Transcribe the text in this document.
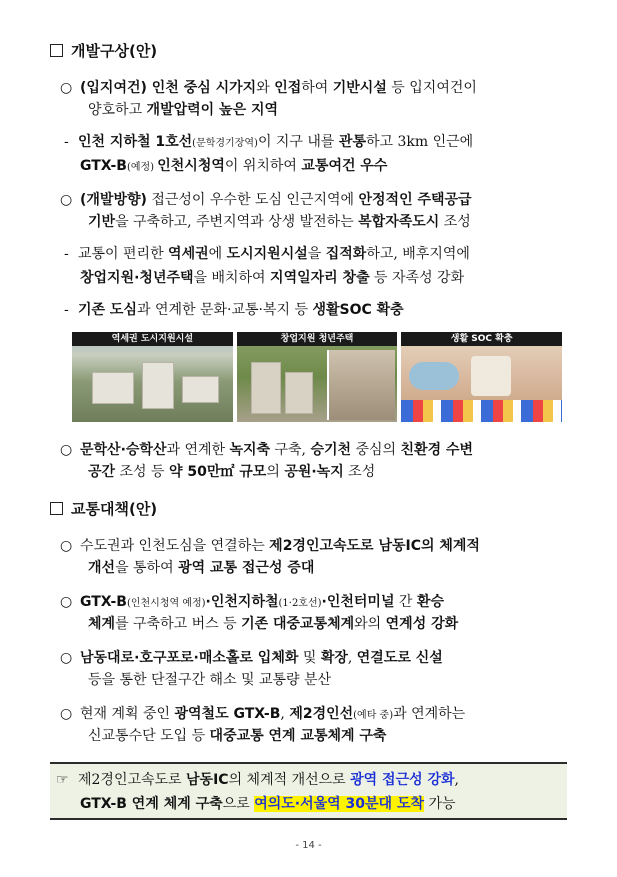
개발구상(안)
○ (입지여건) 인천 중심 시가지와 인접하여 기반시설 등 입지여건이
양호하고 개발압력이 높은 지역
- 인천 지하철 1호선(문학경기장역)이 지구 내를 관통하고 3km 인근에
GTX-B(예정) 인천시청역이 위치하여 교통여건 우수
○ (개발방향) 접근성이 우수한 도심 인근지역에 안정적인 주택공급
기반을 구축하고, 주변지역과 상생 발전하는 복합자족도시 조성
- 교통이 편리한 역세권에 도시지원시설을 집적화하고, 배후지역에
창업지원·청년주택을 배치하여 지역일자리 창출 등 자족성 강화
- 기존 도심과 연계한 문화·교통·복지 등 생활SOC 확충
역세권 도시지원시설	창업지원 청년주택	생활 SOC 확충
○ 문학산·승학산과 연계한 녹지축 구축, 승기천 중심의 친환경 수변
공간 조성 등 약 50만㎡ 규모의 공원·녹지 조성
교통대책(안)
○ 수도권과 인천도심을 연결하는 제2경인고속도로 남동IC의 체계적
개선을 통하여 광역 교통 접근성 증대
○ GTX-B(인천시청역 예정)·인천지하철(1·2호선)·인천터미널 간 환승
체계를 구축하고 버스 등 기존 대중교통체계와의 연계성 강화
○ 남동대로·호구포로·매소홀로 입체화 및 확장, 연결도로 신설
등을 통한 단절구간 해소 및 교통량 분산
○ 현재 계획 중인 광역철도 GTX-B, 제2경인선(예타 중)과 연계하는
신교통수단 도입 등 대중교통 연계 교통체계 구축
☞ 제2경인고속도로 남동IC의 체계적 개선으로 광역 접근성 강화,
GTX-B 연계 체계 구축으로 여의도·서울역 30분대 도착 가능
- 14 -
